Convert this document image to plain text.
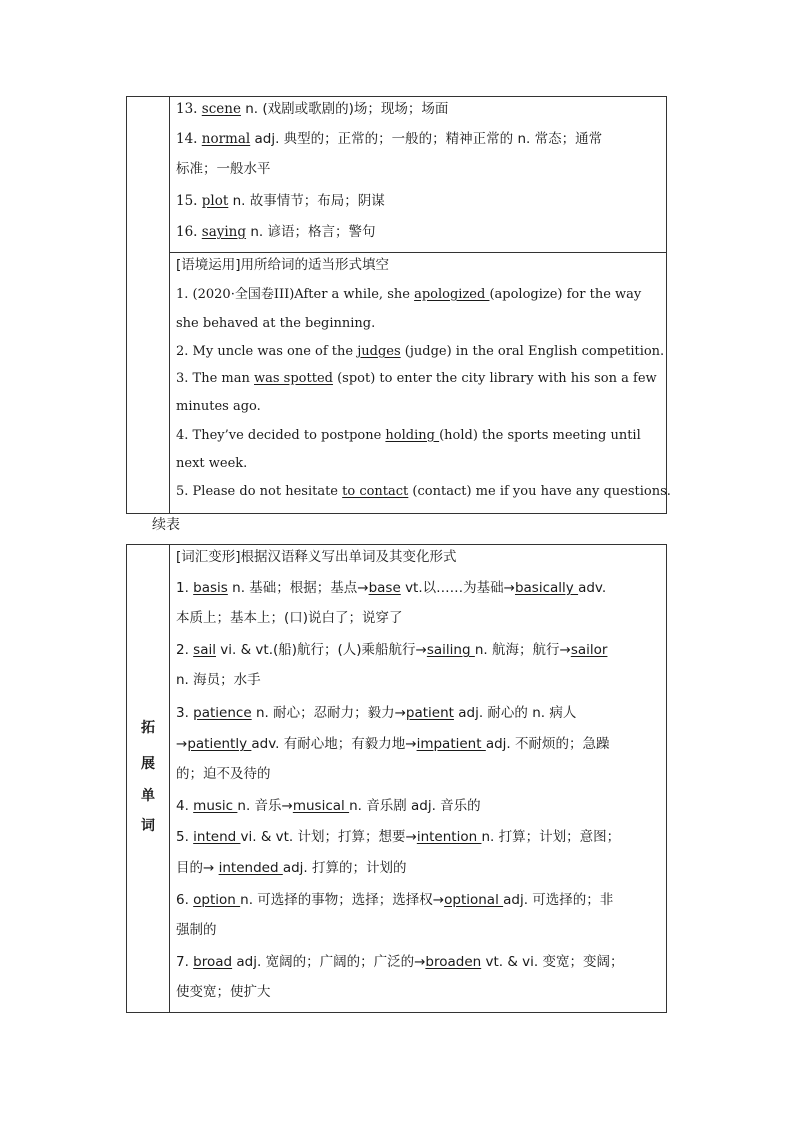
13. scene n. (戏剧或歌剧的)场；现场；场面
14. normal adj. 典型的；正常的；一般的；精神正常的 n. 常态；通常
标准；一般水平
15. plot n. 故事情节；布局；阴谋
16. saying n. 谚语；格言；警句
[语境运用]用所给词的适当形式填空
1. (2020·全国卷III)After a while, she apologized (apologize) for the way
she behaved at the beginning.
2. My uncle was one of the judges (judge) in the oral English competition.
3. The man was spotted (spot) to enter the city library with his son a few
minutes ago.
4. They’ve decided to postpone holding (hold) the sports meeting until
next week.
5. Please do not hesitate to contact (contact) me if you have any questions.
续表
拓
展
单
词
[词汇变形]根据汉语释义写出单词及其变化形式
1. basis n. 基础；根据；基点→base vt.以……为基础→basically adv.
本质上；基本上；(口)说白了；说穿了
2. sail vi. & vt.(船)航行；(人)乘船航行→sailing n. 航海；航行→sailor
n. 海员；水手
3. patience n. 耐心；忍耐力；毅力→patient adj. 耐心的 n. 病人
→patiently adv. 有耐心地；有毅力地→impatient adj. 不耐烦的；急躁
的；迫不及待的
4. music n. 音乐→musical n. 音乐剧 adj. 音乐的
5. intend vi. & vt. 计划；打算；想要→intention n. 打算；计划；意图；
目的→ intended adj. 打算的；计划的
6. option n. 可选择的事物；选择；选择权→optional adj. 可选择的；非
强制的
7. broad adj. 宽阔的；广阔的；广泛的→broaden vt. & vi. 变宽；变阔；
使变宽；使扩大
